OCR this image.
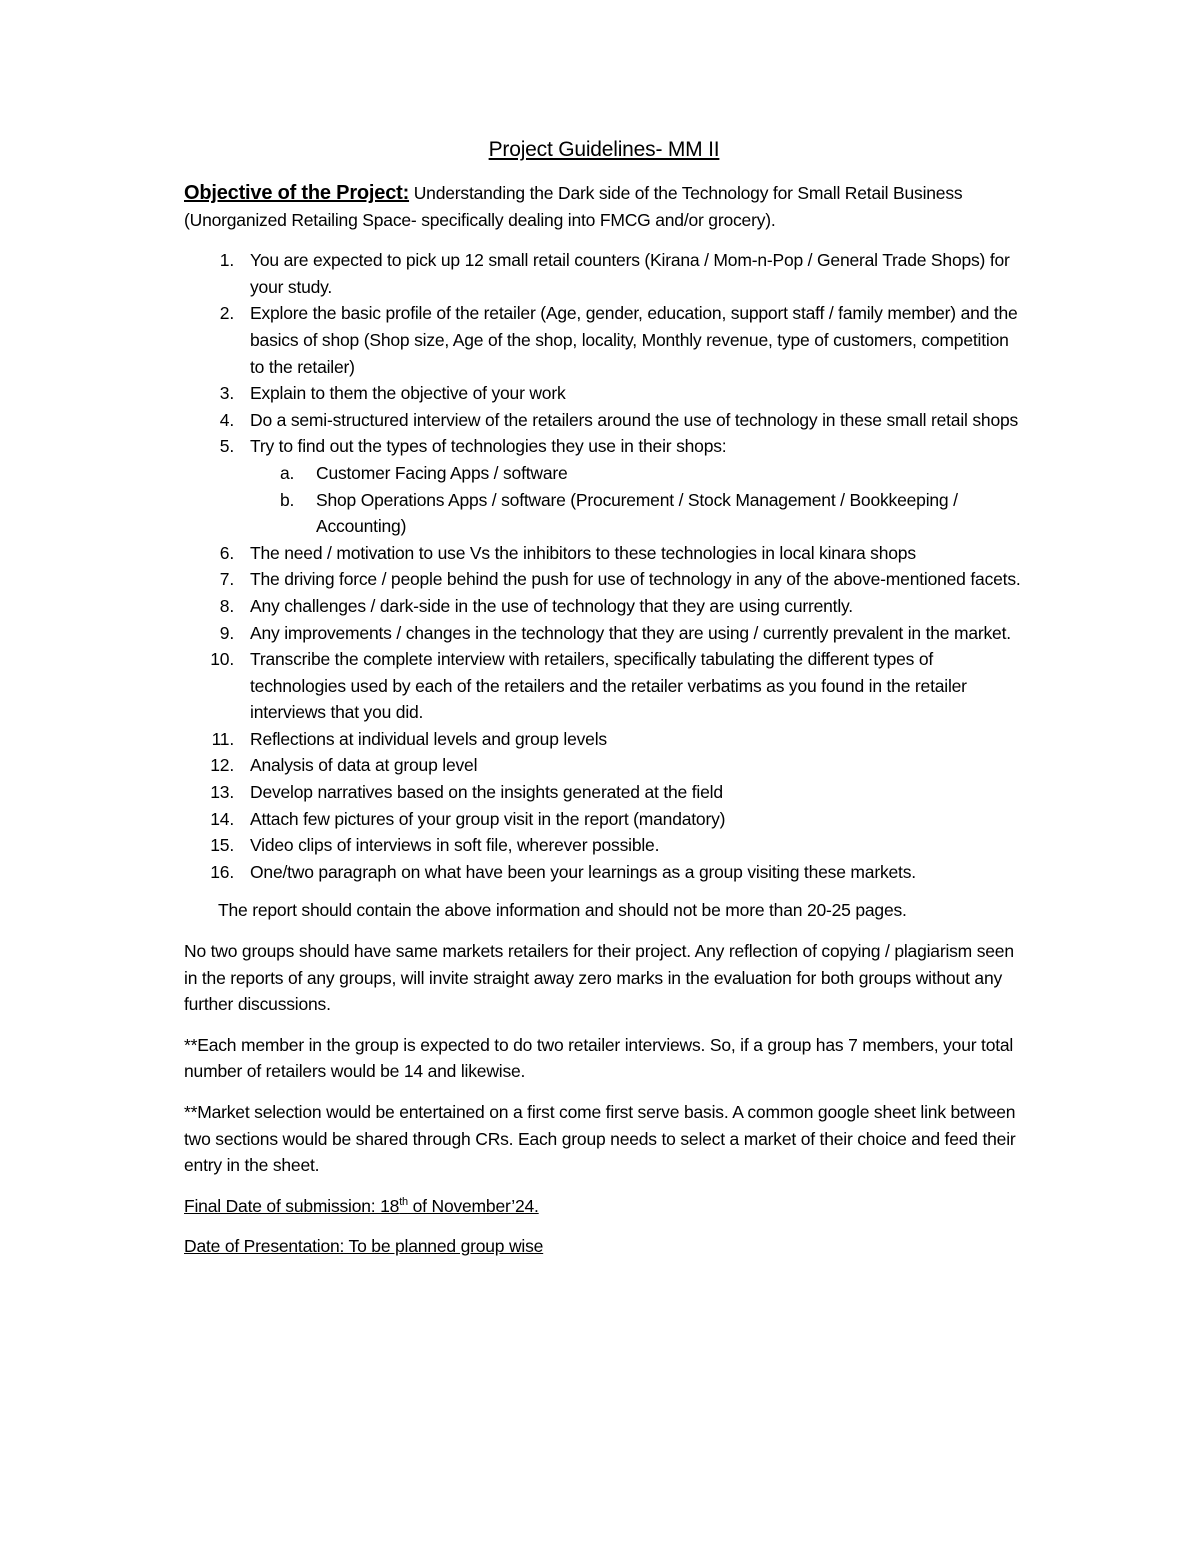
Project Guidelines- MM II
Objective of the Project: Understanding the Dark side of the Technology for Small Retail Business (Unorganized Retailing Space- specifically dealing into FMCG and/or grocery).
1. You are expected to pick up 12 small retail counters (Kirana / Mom-n-Pop / General Trade Shops) for your study.
2. Explore the basic profile of the retailer (Age, gender, education, support staff / family member) and the basics of shop (Shop size, Age of the shop, locality, Monthly revenue, type of customers, competition to the retailer)
3. Explain to them the objective of your work
4. Do a semi-structured interview of the retailers around the use of technology in these small retail shops
5. Try to find out the types of technologies they use in their shops:
a.	Customer Facing Apps / software
b.	Shop Operations Apps / software (Procurement / Stock Management / Bookkeeping / Accounting)
6. The need / motivation to use Vs the inhibitors to these technologies in local kinara shops
7. The driving force / people behind the push for use of technology in any of the above-mentioned facets.
8. Any challenges / dark-side in the use of technology that they are using currently.
9. Any improvements / changes in the technology that they are using / currently prevalent in the market.
10. Transcribe the complete interview with retailers, specifically tabulating the different types of technologies used by each of the retailers and the retailer verbatims as you found in the retailer interviews that you did.
11. Reflections at individual levels and group levels
12. Analysis of data at group level
13. Develop narratives based on the insights generated at the field
14. Attach few pictures of your group visit in the report (mandatory)
15. Video clips of interviews in soft file, wherever possible.
16. One/two paragraph on what have been your learnings as a group visiting these markets.

The report should contain the above information and should not be more than 20-25 pages.

No two groups should have same markets retailers for their project. Any reflection of copying / plagiarism seen in the reports of any groups, will invite straight away zero marks in the evaluation for both groups without any further discussions.

**Each member in the group is expected to do two retailer interviews. So, if a group has 7 members, your total number of retailers would be 14 and likewise.

**Market selection would be entertained on a first come first serve basis. A common google sheet link between two sections would be shared through CRs. Each group needs to select a market of their choice and feed their entry in the sheet.

Final Date of submission: 18th of November’24.

Date of Presentation: To be planned group wise
